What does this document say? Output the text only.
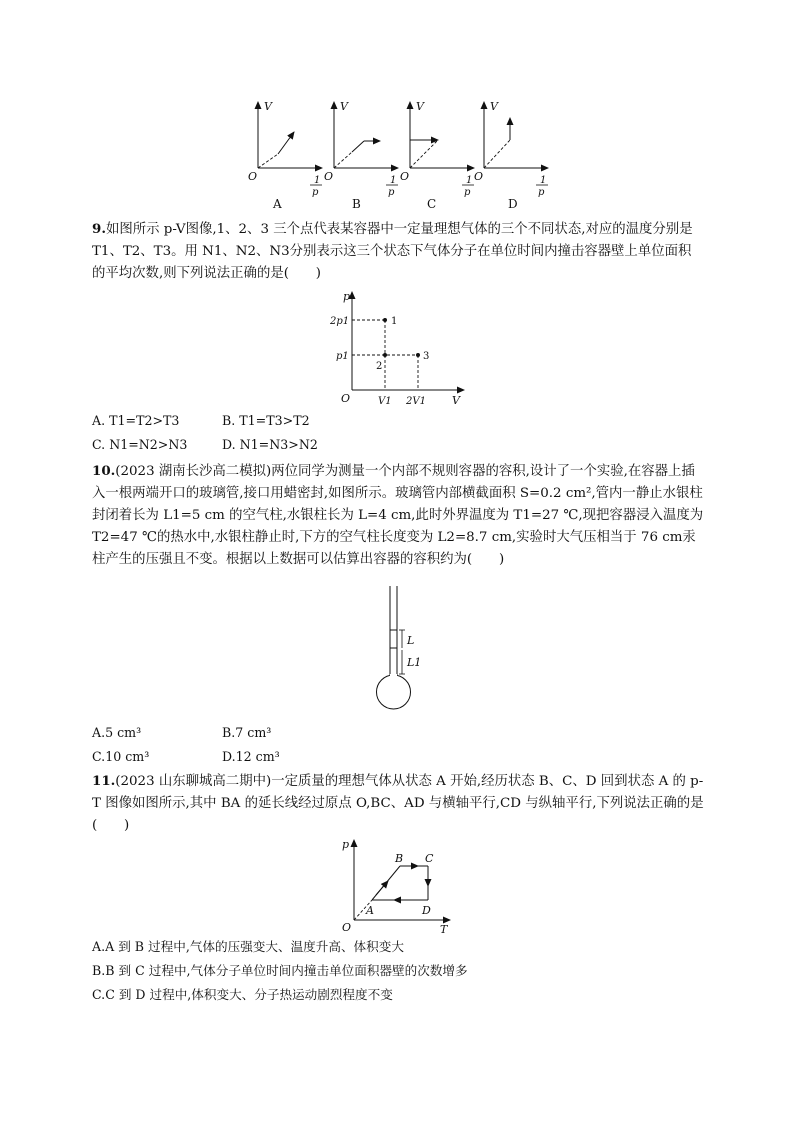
V
O	1
p
A
V
O	1
p
B
V
O	1
p
C
V
O	1
p
D
9.如图所示 p-V图像,1、2、3 三个点代表某容器中一定量理想气体的三个不同状态,对应的温度分别是 T1、T2、T3。用 N1、N2、N3分别表示这三个状态下气体分子在单位时间内撞击容器壁上单位面积的平均次数,则下列说法正确的是(　　)
p
V
O
1
2
3
2p1
p1
V1 2V1
A. T1=T2>T3	B. T1=T3>T2
C. N1=N2>N3	D. N1=N3>N2
10.(2023 湖南长沙高二模拟)两位同学为测量一个内部不规则容器的容积,设计了一个实验,在容器上插入一根两端开口的玻璃管,接口用蜡密封,如图所示。玻璃管内部横截面积 S=0.2 cm²,管内一静止水银柱封闭着长为 L1=5 cm 的空气柱,水银柱长为 L=4 cm,此时外界温度为 T1=27 ℃,现把容器浸入温度为 T2=47 ℃的热水中,水银柱静止时,下方的空气柱长度变为 L2=8.7 cm,实验时大气压相当于 76 cm汞柱产生的压强且不变。根据以上数据可以估算出容器的容积约为(　　)
L
L1
A.5 cm³	B.7 cm³
C.10 cm³	D.12 cm³
11.(2023 山东聊城高二期中)一定质量的理想气体从状态 A 开始,经历状态 B、C、D 回到状态 A 的 p-T 图像如图所示,其中 BA 的延长线经过原点 O,BC、AD 与横轴平行,CD 与纵轴平行,下列说法正确的是(　　)
p
T
O
A
B C
D
A.A 到 B 过程中,气体的压强变大、温度升高、体积变大
B.B 到 C 过程中,气体分子单位时间内撞击单位面积器壁的次数增多
C.C 到 D 过程中,体积变大、分子热运动剧烈程度不变
